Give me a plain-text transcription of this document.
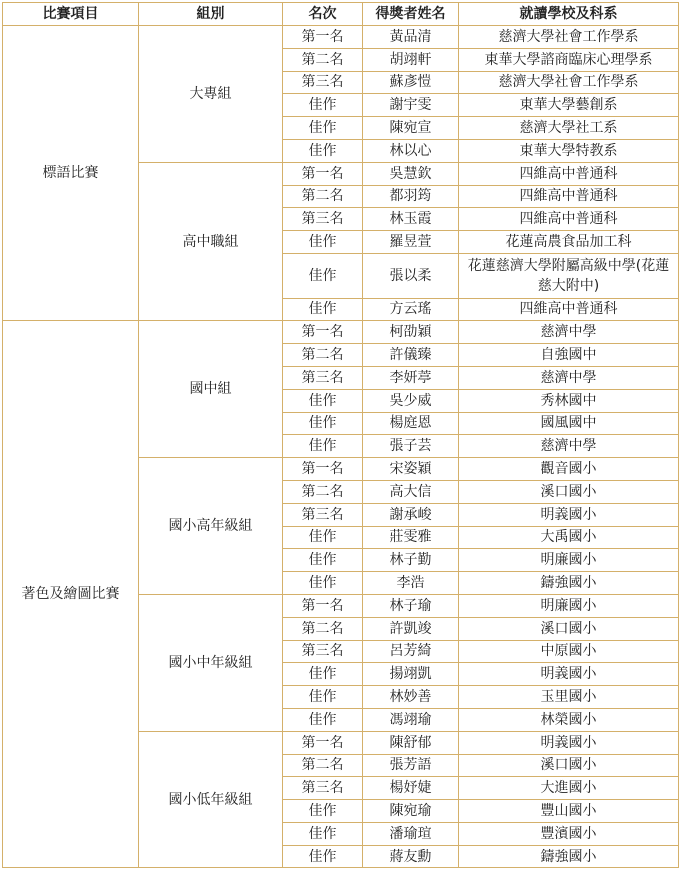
比賽項目	組別	名次	得獎者姓名	就讀學校及科系
標語比賽	大專組	第一名	黃品清	慈濟大學社會工作學系
		第二名	胡翊軒	東華大學諮商臨床心理學系
		第三名	蘇彥愷	慈濟大學社會工作學系
		佳作	謝宇雯	東華大學藝創系
		佳作	陳宛宣	慈濟大學社工系
		佳作	林以心	東華大學特教系
	高中職組	第一名	吳慧欽	四維高中普通科
		第二名	都羽筠	四維高中普通科
		第三名	林玉霞	四維高中普通科
		佳作	羅昱萱	花蓮高農食品加工科
		佳作	張以柔	花蓮慈濟大學附屬高級中學(花蓮慈大附中)
		佳作	方云瑤	四維高中普通科
著色及繪圖比賽	國中組	第一名	柯劭穎	慈濟中學
		第二名	許儀臻	自強國中
		第三名	李妍葶	慈濟中學
		佳作	吳少威	秀林國中
		佳作	楊庭恩	國風國中
		佳作	張子芸	慈濟中學
	國小高年級組	第一名	宋姿穎	觀音國小
		第二名	高大信	溪口國小
		第三名	謝承峻	明義國小
		佳作	莊雯雅	大禹國小
		佳作	林子勤	明廉國小
		佳作	李浩	鑄強國小
	國小中年級組	第一名	林子瑜	明廉國小
		第二名	許凱竣	溪口國小
		第三名	呂芳綺	中原國小
		佳作	揚翊凱	明義國小
		佳作	林妙善	玉里國小
		佳作	馮翊瑜	林榮國小
	國小低年級組	第一名	陳舒郁	明義國小
		第二名	張芳語	溪口國小
		第三名	楊妤婕	大進國小
		佳作	陳宛瑜	豐山國小
		佳作	潘瑜瑄	豐濱國小
		佳作	蔣友勳	鑄強國小
